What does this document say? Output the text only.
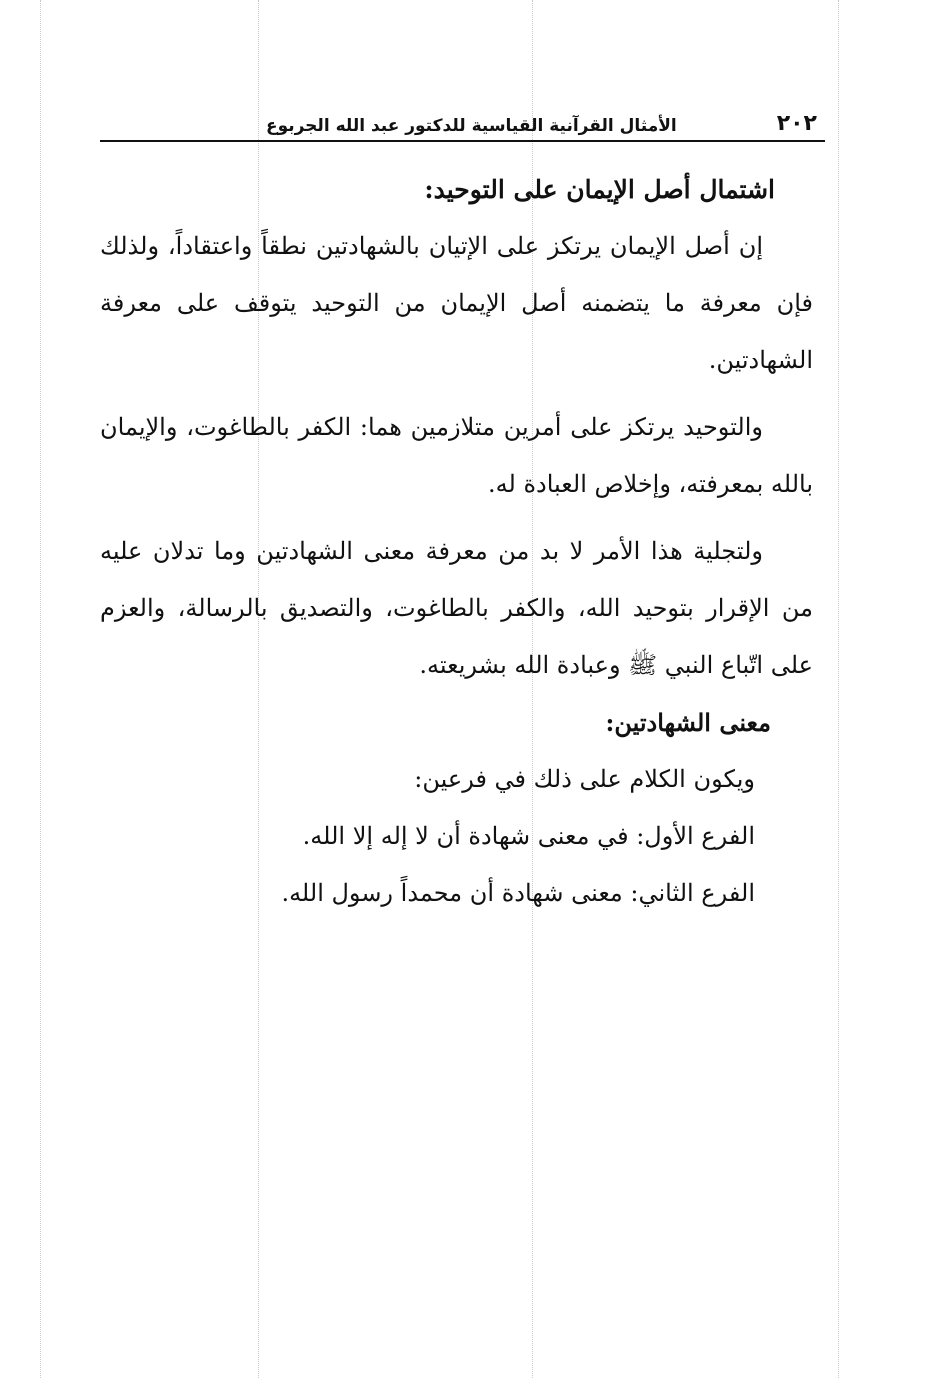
٢٠٢
الأمثال القرآنية القياسية للدكتور عبد الله الجربوع
اشتمال أصل الإيمان على التوحيد:

إن أصل الإيمان يرتكز على الإتيان بالشهادتين نطقاً واعتقاداً، ولذلك فإن معرفة ما يتضمنه أصل الإيمان من التوحيد يتوقف على معرفة الشهادتين.

والتوحيد يرتكز على أمرين متلازمين هما: الكفر بالطاغوت، والإيمان بالله بمعرفته، وإخلاص العبادة له.

ولتجلية هذا الأمر لا بد من معرفة معنى الشهادتين وما تدلان عليه من الإقرار بتوحيد الله، والكفر بالطاغوت، والتصديق بالرسالة، والعزم على اتّباع النبي ﷺ وعبادة الله بشريعته.

معنى الشهادتين:
ويكون الكلام على ذلك في فرعين:
الفرع الأول: في معنى شهادة أن لا إله إلا الله.
الفرع الثاني: معنى شهادة أن محمداً رسول الله.
